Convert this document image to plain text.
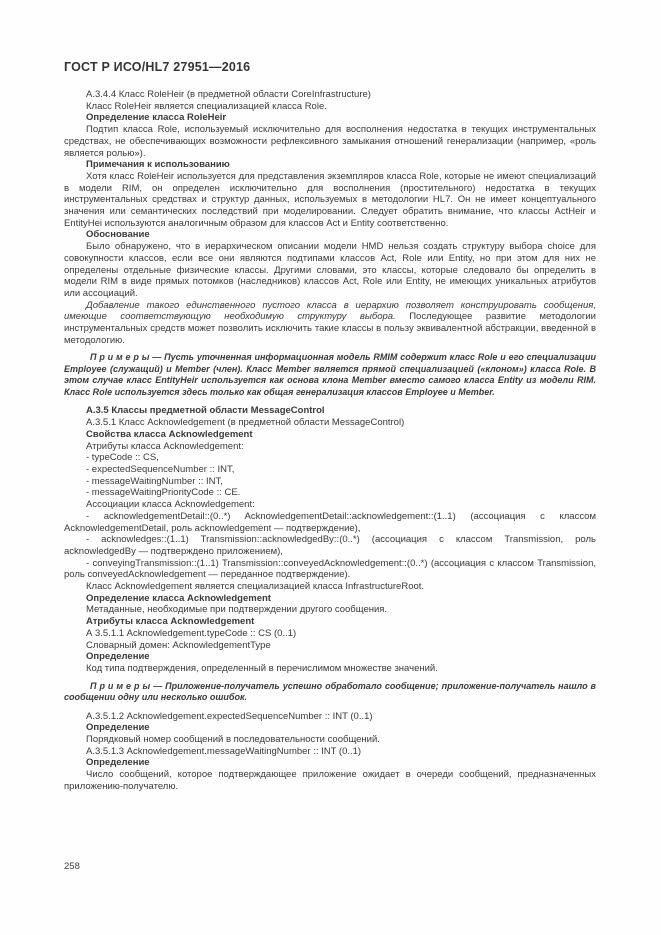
ГОСТ Р ИСО/HL7 27951—2016

А.3.4.4 Класс RoleHeir (в предметной области CoreInfrastructure)

Класс RoleHeir является специализацией класса Role.

Определение класса RoleHeir

Подтип класса Role, используемый исключительно для восполнения недостатка в текущих инструментальных средствах, не обеспечивающих возможности рефлексивного замыкания отношений генерализации (например, «роль является ролью»).

Примечания к использованию

Хотя класс RoleHeir используется для представления экземпляров класса Role, которые не имеют специализаций в модели RIM, он определен исключительно для восполнения (простительного) недостатка в текущих инструментальных средствах и структур данных, используемых в методологии HL7. Он не имеет концептуального значения или семантических последствий при моделировании. Следует обратить внимание, что классы ActHeir и EntityHei используются аналогичным образом для классов Act и Entity соответственно.

Обоснование

Было обнаружено, что в иерархическом описании модели HMD нельзя создать структуру выбора choice для совокупности классов, если все они являются подтипами классов Act, Role или Entity, но при этом для них не определены отдельные физические классы. Другими словами, это классы, которые следовало бы определить в модели RIM в виде прямых потомков (наследников) классов Act, Role или Entity, не имеющих уникальных атрибутов или ассоциаций.

Добавление такого единственного пустого класса в иерархию позволяет конструировать сообщения, имеющие соответствующую необходимую структуру выбора. Последующее развитие методологии инструментальных средств может позволить исключить такие классы в пользу эквивалентной абстракции, введенной в методологию.

П р и м е р ы — Пусть уточненная информационная модель RMIM содержит класс Role и его специализации Employee (служащий) и Member (член). Класс Member является прямой специализацией («клоном») класса Role. В этом случае класс EntityHeir используется как основа клона Member вместо самого класса Entity из модели RIM. Класс Role используется здесь только как общая генерализация классов Employee и Member.

А.3.5 Классы предметной области MessageControl

А.3.5.1 Класс Acknowledgement (в предметной области MessageControl)

Свойства класса Acknowledgement

Атрибуты класса Acknowledgement:

- typeCode :: CS,

- expectedSequenceNumber :: INT,

- messageWaitingNumber :: INT,

- messageWaitingPriorityCode :: CE.

Ассоциации класса Acknowledgement:

- acknowledgementDetail::(0..*) AcknowledgementDetail::acknowledgement::(1..1) (ассоциация с классом AcknowledgementDetail, роль acknowledgement — подтверждение),

- acknowledges::(1..1) Transmission::acknowledgedBy::(0..*) (ассоциация с классом Transmission, роль acknowledgedBy — подтверждено приложением),

- conveyingTransmission::(1..1) Transmission::conveyedAcknowledgement::(0..*) (ассоциация с классом Transmission, роль conveyedAcknowledgement — переданное подтверждение).

Класс Acknowledgement является специализацией класса InfrastructureRoot.

Определение класса Acknowledgement

Метаданные, необходимые при подтверждении другого сообщения.

Атрибуты класса Acknowledgement

А 3.5.1.1 Acknowledgement.typeCode :: CS (0..1)

Словарный домен: AcknowledgementType

Определение

Код типа подтверждения, определенный в перечислимом множестве значений.

П р и м е р ы — Приложение-получатель успешно обработало сообщение; приложение-получатель нашло в сообщении одну или несколько ошибок.

А.3.5.1.2 Acknowledgement.expectedSequenceNumber :: INT (0..1)

Определение

Порядковый номер сообщений в последовательности сообщений.

А.3.5.1.3 Acknowledgement.messageWaitingNumber :: INT (0..1)

Определение

Число сообщений, которое подтверждающее приложение ожидает в очереди сообщений, предназначенных приложению-получателю.

258
